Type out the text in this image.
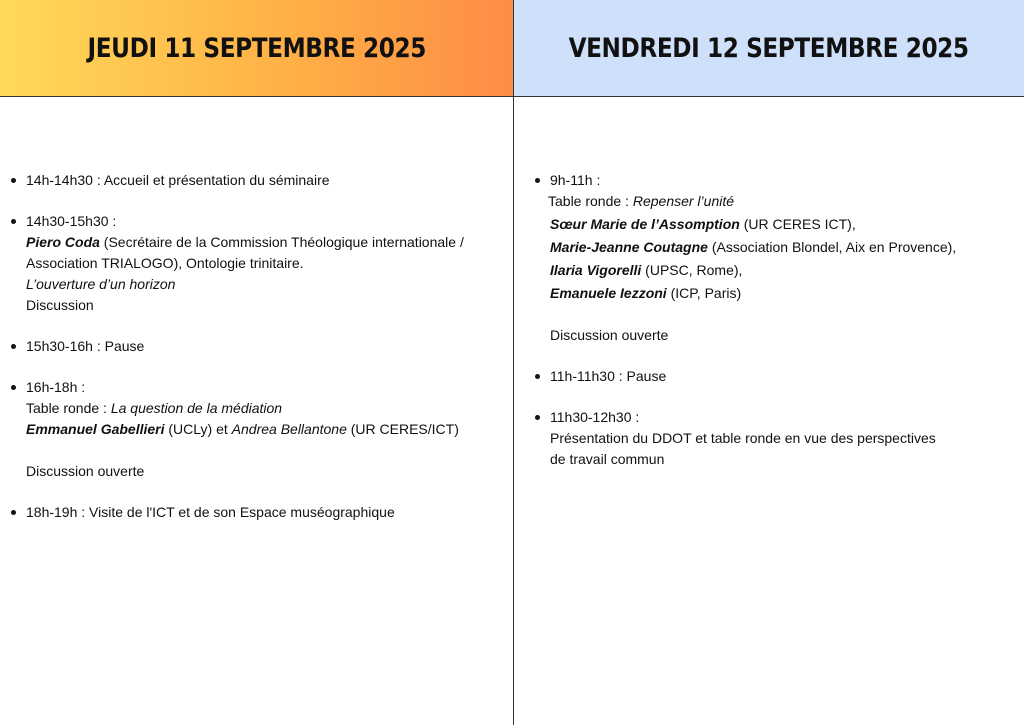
JEUDI 11 SEPTEMBRE 2025	VENDREDI 12 SEPTEMBRE 2025
14h-14h30 : Accueil et présentation du séminaire
14h30-15h30 :
Piero Coda (Secrétaire de la Commission Théologique internationale /
Association TRIALOGO), Ontologie trinitaire.
L’ouverture d’un horizon
Discussion
15h30-16h : Pause
16h-18h :
Table ronde : La question de la médiation
Emmanuel Gabellieri (UCLy) et Andrea Bellantone (UR CERES/ICT)
Discussion ouverte
18h-19h : Visite de l'ICT et de son Espace muséographique
9h-11h :
Table ronde : Repenser l’unité
Sœur Marie de l’Assomption (UR CERES ICT),
Marie-Jeanne Coutagne (Association Blondel, Aix en Provence),
Ilaria Vigorelli (UPSC, Rome),
Emanuele Iezzoni (ICP, Paris)
Discussion ouverte
11h-11h30 : Pause
11h30-12h30 :
Présentation du DDOT et table ronde en vue des perspectives
de travail commun
